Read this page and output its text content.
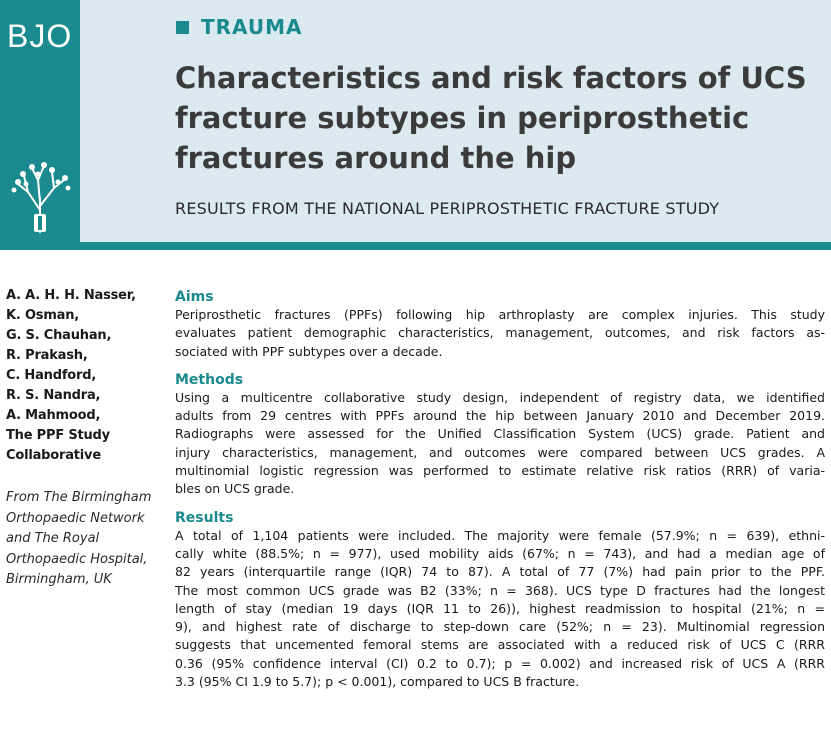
BJO	TRAUMA
Characteristics and risk factors of UCS fracture subtypes in periprosthetic fractures around the hip
RESULTS FROM THE NATIONAL PERIPROSTHETIC FRACTURE STUDY
A. A. H. H. Nasser,
K. Osman,
G. S. Chauhan,
R. Prakash,
C. Handford,
R. S. Nandra,
A. Mahmood,
The PPF Study
Collaborative

From The Birmingham Orthopaedic Network and The Royal Orthopaedic Hospital, Birmingham, UK

Aims
Periprosthetic fractures (PPFs) following hip arthroplasty are complex injuries. This study
evaluates patient demographic characteristics, management, outcomes, and risk factors as-
sociated with PPF subtypes over a decade.
Methods
Using a multicentre collaborative study design, independent of registry data, we identified
adults from 29 centres with PPFs around the hip between January 2010 and December 2019.
Radiographs were assessed for the Unified Classification System (UCS) grade. Patient and
injury characteristics, management, and outcomes were compared between UCS grades. A
multinomial logistic regression was performed to estimate relative risk ratios (RRR) of varia-
bles on UCS grade.
Results
A total of 1,104 patients were included. The majority were female (57.9%; n = 639), ethni-
cally white (88.5%; n = 977), used mobility aids (67%; n = 743), and had a median age of
82 years (interquartile range (IQR) 74 to 87). A total of 77 (7%) had pain prior to the PPF.
The most common UCS grade was B2 (33%; n = 368). UCS type D fractures had the longest
length of stay (median 19 days (IQR 11 to 26)), highest readmission to hospital (21%; n =
9), and highest rate of discharge to step-down care (52%; n = 23). Multinomial regression
suggests that uncemented femoral stems are associated with a reduced risk of UCS C (RRR
0.36 (95% confidence interval (CI) 0.2 to 0.7); p = 0.002) and increased risk of UCS A (RRR
3.3 (95% CI 1.9 to 5.7); p < 0.001), compared to UCS B fracture.
